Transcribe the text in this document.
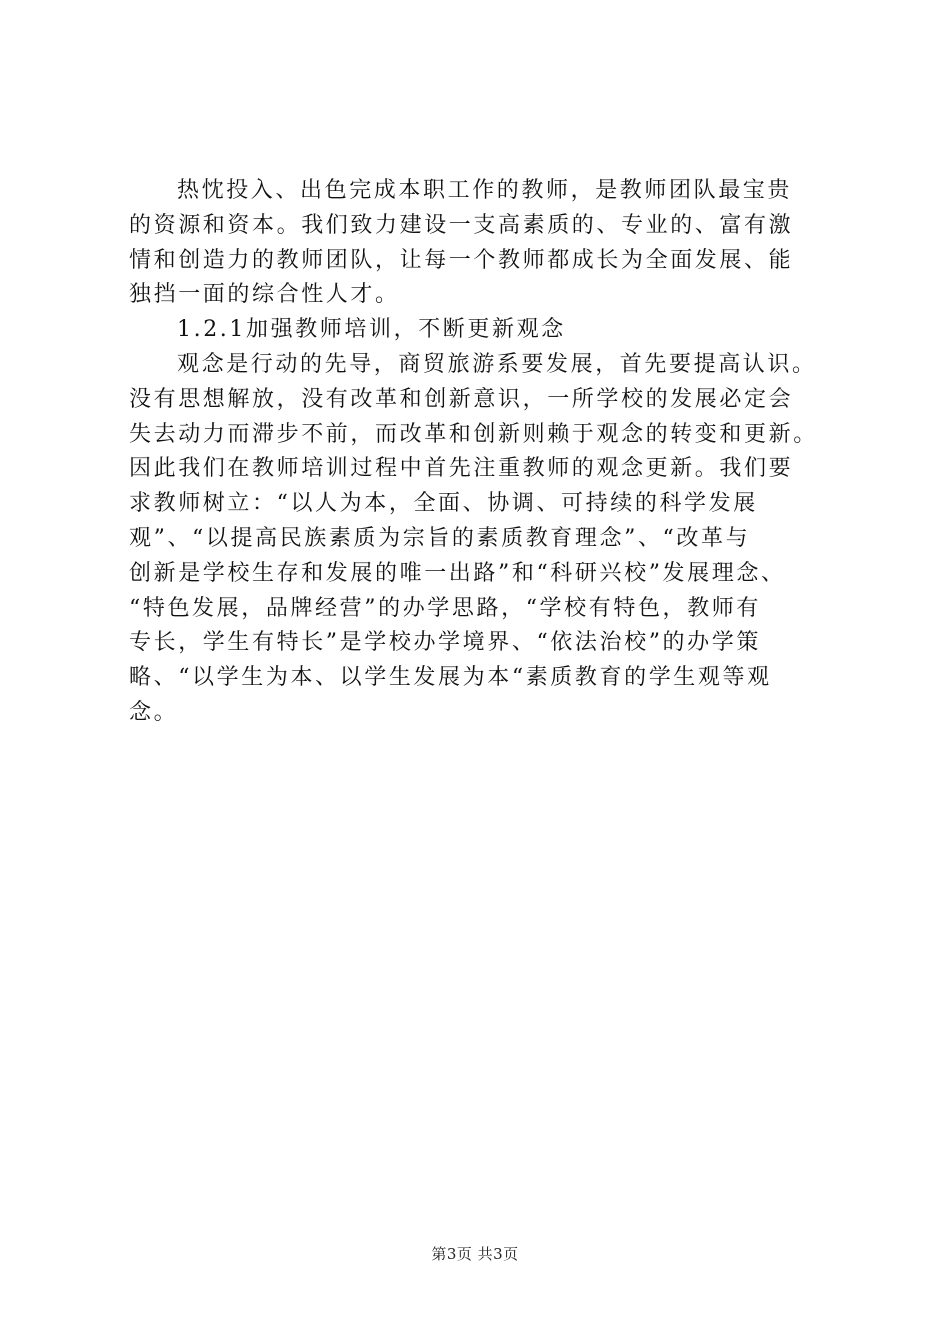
热忱投入、出色完成本职工作的教师，是教师团队最宝贵
的资源和资本。我们致力建设一支高素质的、专业的、富有激
情和创造力的教师团队，让每一个教师都成长为全面发展、能
独挡一面的综合性人才。
1.2.1加强教师培训，不断更新观念
观念是行动的先导，商贸旅游系要发展，首先要提高认识。
没有思想解放，没有改革和创新意识，一所学校的发展必定会
失去动力而滞步不前，而改革和创新则赖于观念的转变和更新。
因此我们在教师培训过程中首先注重教师的观念更新。我们要
求教师树立：“以人为本，全面、协调、可持续的科学发展
观”、“以提高民族素质为宗旨的素质教育理念”、“改革与
创新是学校生存和发展的唯一出路”和“科研兴校”发展理念、
“特色发展，品牌经营”的办学思路，“学校有特色，教师有
专长，学生有特长”是学校办学境界、“依法治校”的办学策
略、“以学生为本、以学生发展为本“素质教育的学生观等观
念。
第3页 共3页
